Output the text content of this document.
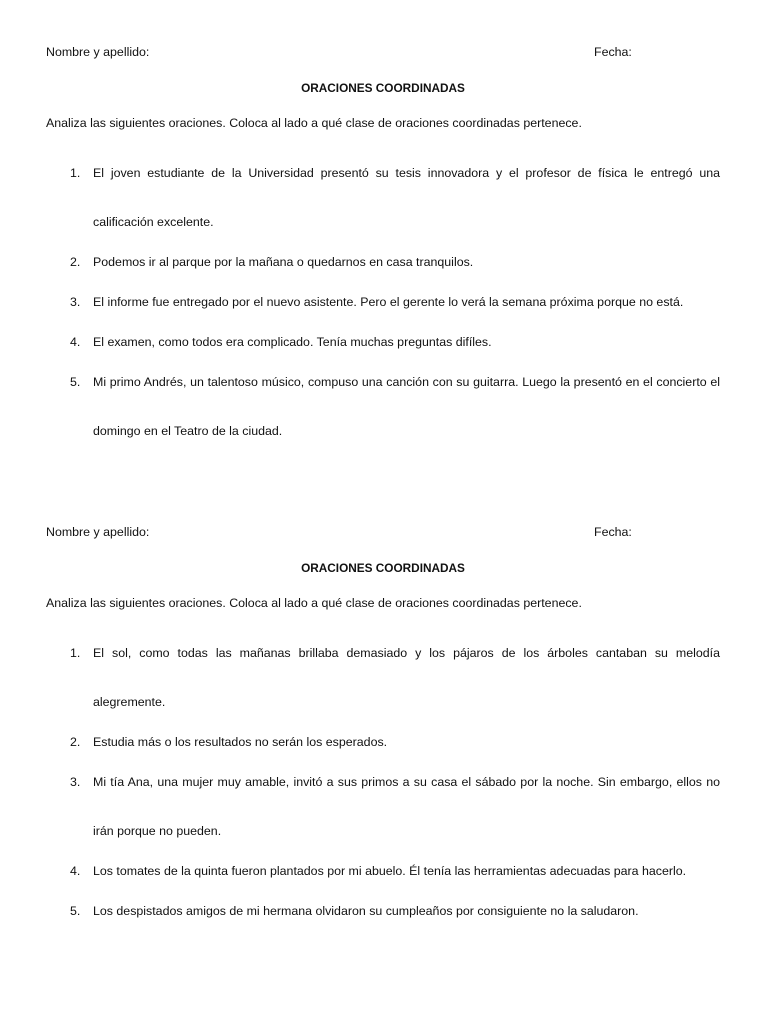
Nombre y apellido:	Fecha:
ORACIONES COORDINADAS
Analiza las siguientes oraciones. Coloca al lado a qué clase de oraciones coordinadas pertenece.
1. El joven estudiante de la Universidad presentó su tesis innovadora y el profesor de física le entregó una calificación excelente.
2. Podemos ir al parque por la mañana o quedarnos en casa tranquilos.
3. El informe fue entregado por el nuevo asistente. Pero el gerente lo verá la semana próxima porque no está.
4. El examen, como todos era complicado. Tenía muchas preguntas difíles.
5. Mi primo Andrés, un talentoso músico, compuso una canción con su guitarra. Luego la presentó en el concierto el domingo en el Teatro de la ciudad.
Nombre y apellido:	Fecha:
ORACIONES COORDINADAS
Analiza las siguientes oraciones. Coloca al lado a qué clase de oraciones coordinadas pertenece.
1. El sol, como todas las mañanas brillaba demasiado y los pájaros de los árboles cantaban su melodía alegremente.
2. Estudia más o los resultados no serán los esperados.
3. Mi tía Ana, una mujer muy amable, invitó a sus primos a su casa el sábado por la noche. Sin embargo, ellos no irán porque no pueden.
4. Los tomates de la quinta fueron plantados por mi abuelo. Él tenía las herramientas adecuadas para hacerlo.
5. Los despistados amigos de mi hermana olvidaron su cumpleaños por consiguiente no la saludaron.
